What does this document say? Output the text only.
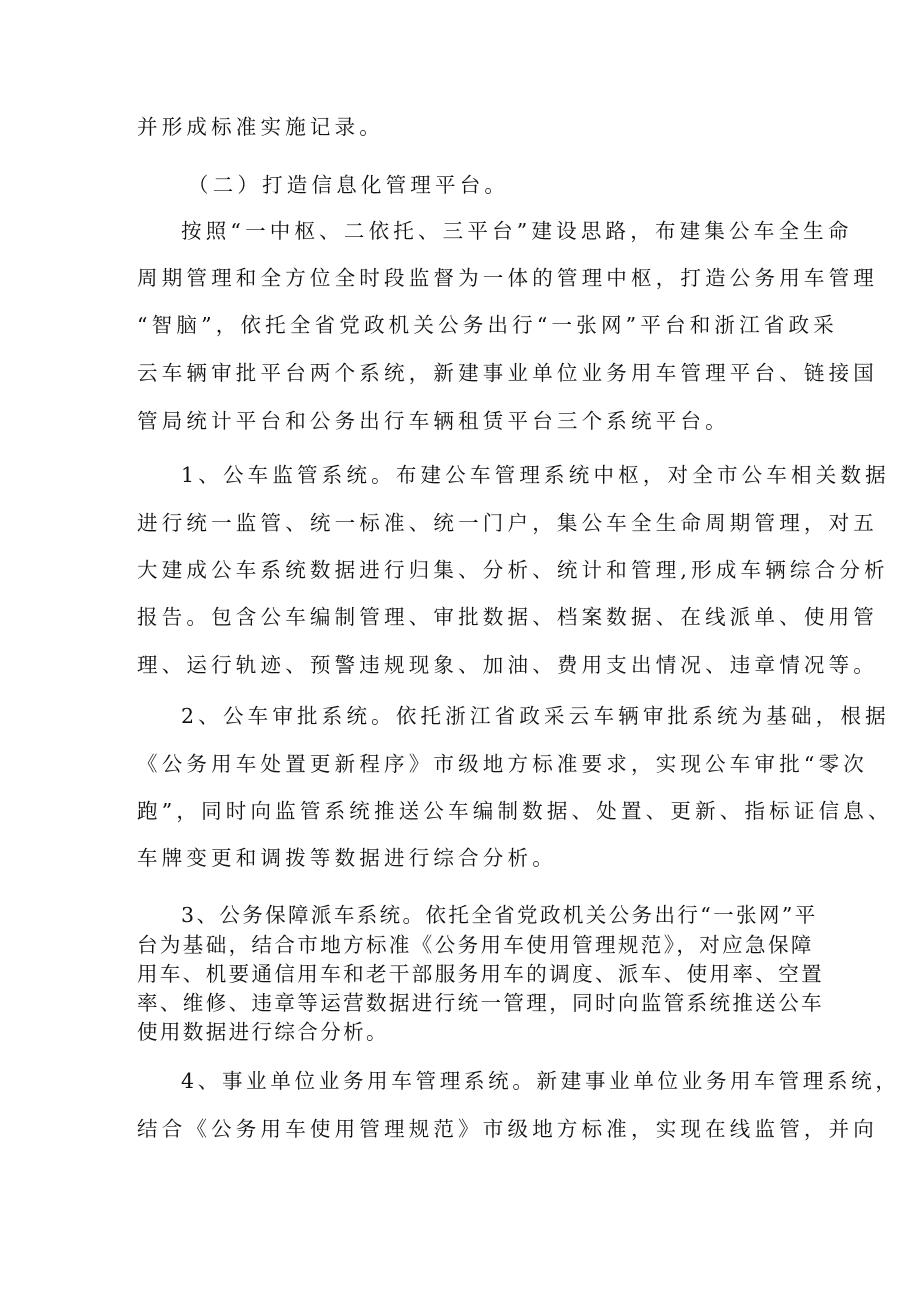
并形成标准实施记录。

（二）打造信息化管理平台。

按照“一中枢、二依托、三平台”建设思路，布建集公车全生命

周期管理和全方位全时段监督为一体的管理中枢，打造公务用车管理

“智脑”，依托全省党政机关公务出行“一张网”平台和浙江省政采

云车辆审批平台两个系统，新建事业单位业务用车管理平台、链接国

管局统计平台和公务出行车辆租赁平台三个系统平台。

1、公车监管系统。布建公车管理系统中枢，对全市公车相关数据

进行统一监管、统一标准、统一门户，集公车全生命周期管理，对五

大建成公车系统数据进行归集、分析、统计和管理,形成车辆综合分析

报告。包含公车编制管理、审批数据、档案数据、在线派单、使用管

理、运行轨迹、预警违规现象、加油、费用支出情况、违章情况等。

2、公车审批系统。依托浙江省政采云车辆审批系统为基础，根据

《公务用车处置更新程序》市级地方标准要求，实现公车审批“零次

跑”，同时向监管系统推送公车编制数据、处置、更新、指标证信息、

车牌变更和调拨等数据进行综合分析。

3、公务保障派车系统。依托全省党政机关公务出行“一张网”平

台为基础，结合市地方标准《公务用车使用管理规范》，对应急保障

用车、机要通信用车和老干部服务用车的调度、派车、使用率、空置

率、维修、违章等运营数据进行统一管理，同时向监管系统推送公车

使用数据进行综合分析。

4、事业单位业务用车管理系统。新建事业单位业务用车管理系统，

结合《公务用车使用管理规范》市级地方标准，实现在线监管，并向
